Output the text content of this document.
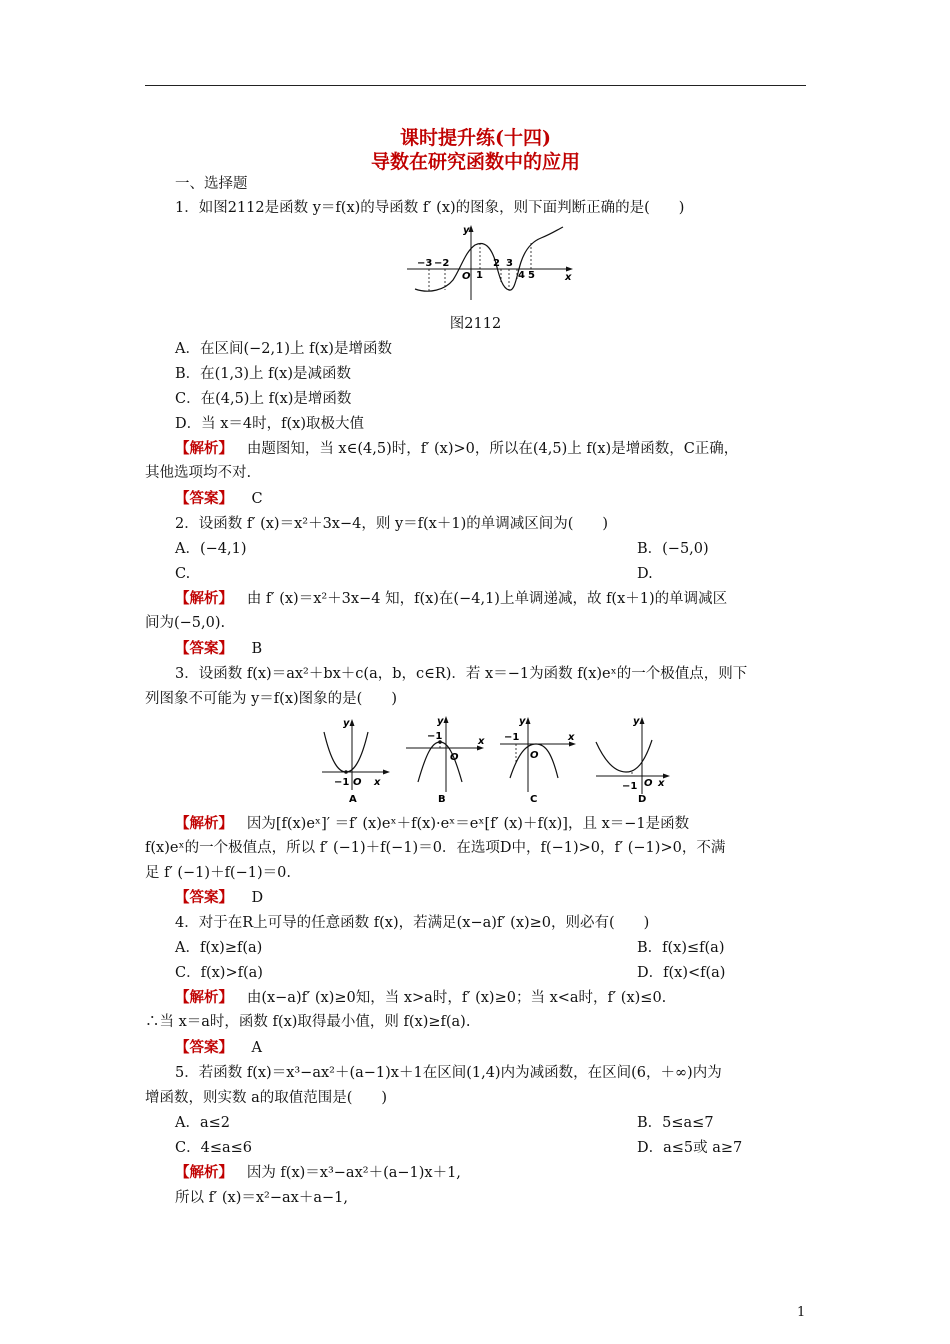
课时提升练(十四)
导数在研究函数中的应用

一、选择题

1．如图2112是函数 y＝f(x)的导函数 f′ (x)的图象，则下面判断正确的是(　　)

y
x
O
−3 −2
1
2 3
4 5

图2112

A．在区间(−2,1)上 f(x)是增函数

B．在(1,3)上 f(x)是减函数

C．在(4,5)上 f(x)是增函数

D．当 x＝4时，f(x)取极大值

【解析】 由题图知，当 x∈(4,5)时，f′ (x)>0，所以在(4,5)上 f(x)是增函数，C正确，

其他选项均不对.

【答案】 C

2．设函数 f′ (x)＝x²＋3x−4，则 y＝f(x＋1)的单调减区间为(　　)

A．(−4,1)	B．(−5,0)

C.	D.

【解析】 由 f′ (x)＝x²＋3x−4 知，f(x)在(−4,1)上单调递减，故 f(x＋1)的单调减区

间为(−5,0).

【答案】 B

3．设函数 f(x)＝ax²＋bx＋c(a，b，c∈R)．若 x＝−1为函数 f(x)eˣ的一个极值点，则下

列图象不可能为 y＝f(x)图象的是(　　)

y
x
−1 O
A
y
x
−1
O
B
y
x
−1
O
C
y
x
−1 O
D

【解析】 因为[f(x)eˣ]′ ＝f′ (x)eˣ＋f(x)·eˣ＝eˣ[f′ (x)＋f(x)]，且 x＝−1是函数

f(x)eˣ的一个极值点，所以 f′ (−1)＋f(−1)＝0．在选项D中，f(−1)>0，f′ (−1)>0，不满

足 f′ (−1)＋f(−1)＝0.

【答案】 D

4．对于在R上可导的任意函数 f(x)，若满足(x−a)f′ (x)≥0，则必有(　　)

A．f(x)≥f(a)	B．f(x)≤f(a)

C．f(x)>f(a)	D．f(x)<f(a)

【解析】 由(x−a)f′ (x)≥0知，当 x>a时，f′ (x)≥0；当 x<a时，f′ (x)≤0.

∴当 x＝a时，函数 f(x)取得最小值，则 f(x)≥f(a).

【答案】 A

5．若函数 f(x)＝x³−ax²＋(a−1)x＋1在区间(1,4)内为减函数，在区间(6，＋∞)内为

增函数，则实数 a的取值范围是(　　)

A．a≤2	B．5≤a≤7

C．4≤a≤6	D．a≤5或 a≥7

【解析】 因为 f(x)＝x³−ax²＋(a−1)x＋1,

所以 f′ (x)＝x²−ax＋a−1,

1
